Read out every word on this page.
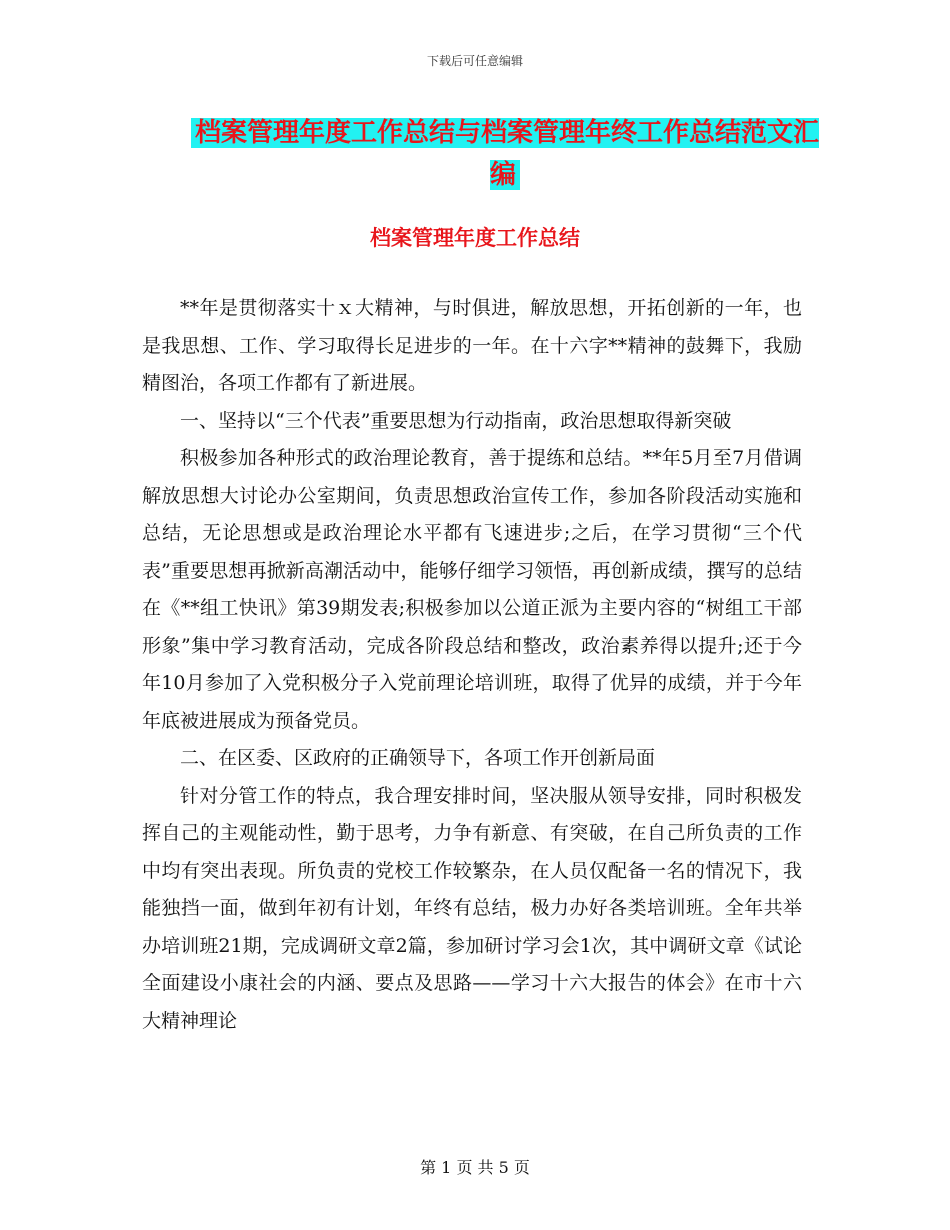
下载后可任意编辑
档案管理年度工作总结与档案管理年终工作总结范文汇编
档案管理年度工作总结

**年是贯彻落实十ｘ大精神，与时俱进，解放思想，开拓创新的一年，也是我思想、工作、学习取得长足进步的一年。在十六字**精神的鼓舞下，我励精图治，各项工作都有了新进展。

一、坚持以“三个代表”重要思想为行动指南，政治思想取得新突破

积极参加各种形式的政治理论教育，善于提练和总结。**年5月至7月借调解放思想大讨论办公室期间，负责思想政治宣传工作，参加各阶段活动实施和总结，无论思想或是政治理论水平都有飞速进步;之后，在学习贯彻“三个代表”重要思想再掀新高潮活动中，能够仔细学习领悟，再创新成绩，撰写的总结在《**组工快讯》第39期发表;积极参加以公道正派为主要内容的“树组工干部形象”集中学习教育活动，完成各阶段总结和整改，政治素养得以提升;还于今年10月参加了入党积极分子入党前理论培训班，取得了优异的成绩，并于今年年底被进展成为预备党员。

二、在区委、区政府的正确领导下，各项工作开创新局面

针对分管工作的特点，我合理安排时间，坚决服从领导安排，同时积极发挥自己的主观能动性，勤于思考，力争有新意、有突破，在自己所负责的工作中均有突出表现。所负责的党校工作较繁杂，在人员仅配备一名的情况下，我能独挡一面，做到年初有计划，年终有总结，极力办好各类培训班。全年共举办培训班21期，完成调研文章2篇，参加研讨学习会1次，其中调研文章《试论全面建设小康社会的内涵、要点及思路——学习十六大报告的体会》在市十六大精神理论

第 1 页 共 5 页
